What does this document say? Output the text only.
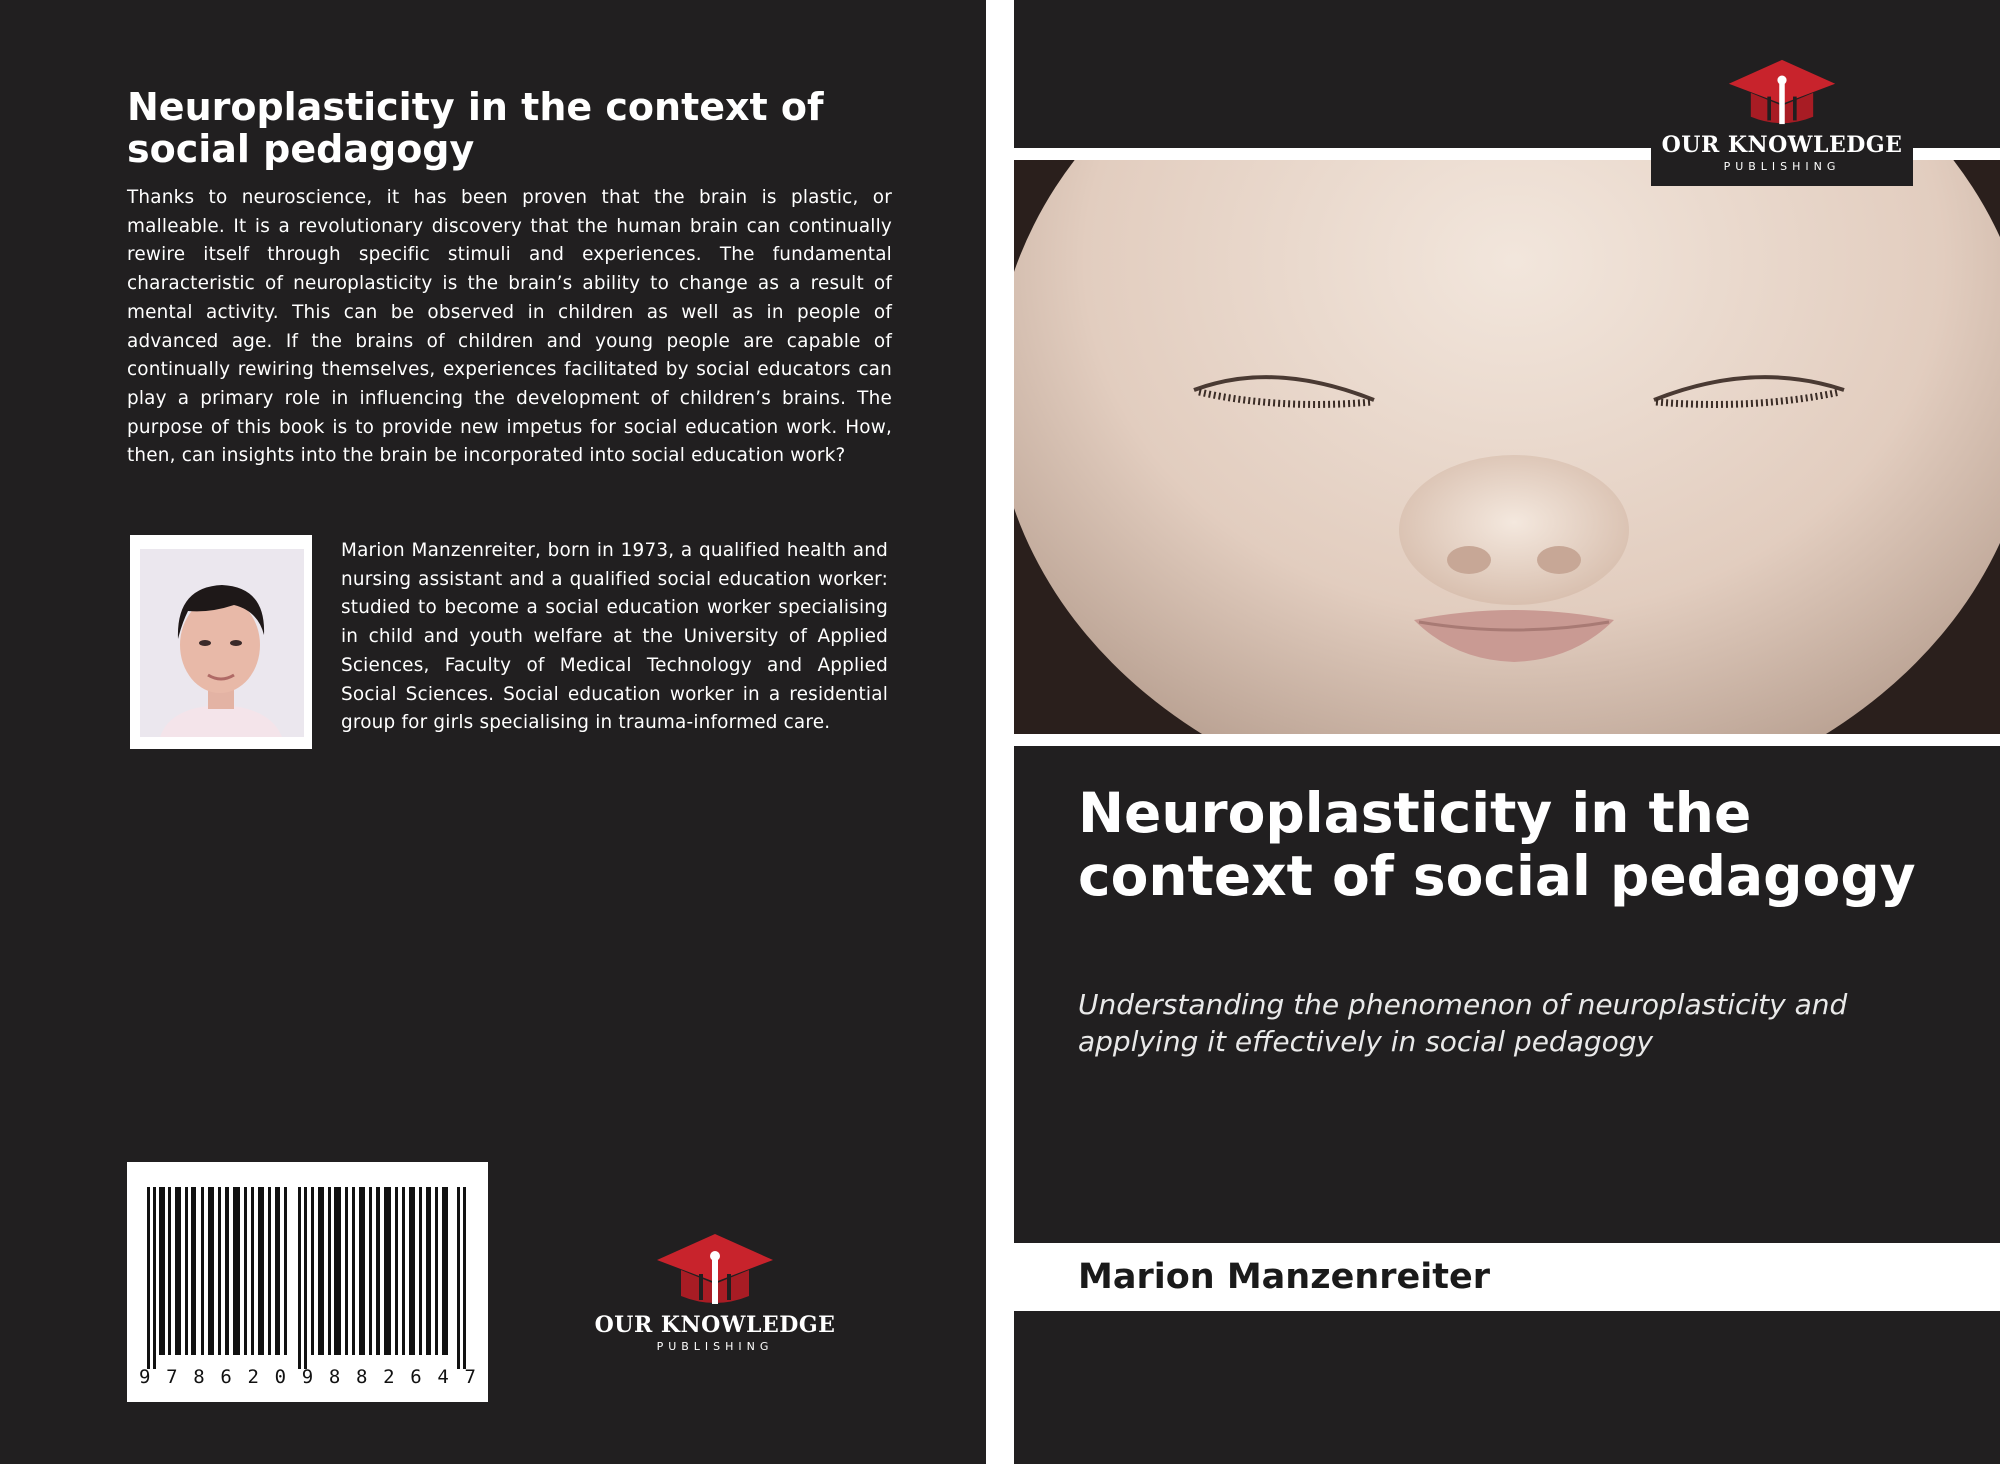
Neuroplasticity in the context of social pedagogy

Thanks to neuroscience, it has been proven that the brain is plastic, or malleable. It is a revolutionary discovery that the human brain can continually rewire itself through specific stimuli and experiences. The fundamental characteristic of neuroplasticity is the brain’s ability to change as a result of mental activity. This can be observed in children as well as in people of advanced age. If the brains of children and young people are capable of continually rewiring themselves, experiences facilitated by social educators can play a primary role in influencing the development of children’s brains. The purpose of this book is to provide new impetus for social education work. How, then, can insights into the brain be incorporated into social education work?

Marion Manzenreiter, born in 1973, a qualified health and nursing assistant and a qualified social education worker: studied to become a social education worker specialising in child and youth welfare at the University of Applied Sciences, Faculty of Medical Technology and Applied Social Sciences. Social education worker in a residential group for girls specialising in trauma-informed care.

9 7 8 6 2 0 9 8 8 2 6 4 7
OUR KNOWLEDGE
PUBLISHING
OUR KNOWLEDGE
PUBLISHING
Neuroplasticity in the context of social pedagogy

Understanding the phenomenon of neuroplasticity and applying it effectively in social pedagogy

Marion Manzenreiter
